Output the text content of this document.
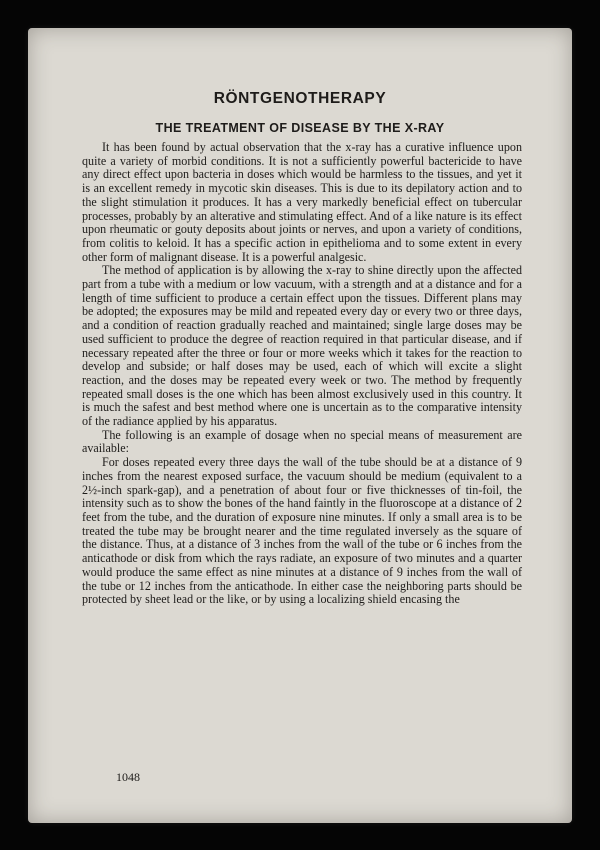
RÖNTGENOTHERAPY
THE TREATMENT OF DISEASE BY THE X-RAY

It has been found by actual observation that the x-ray has a curative influence upon quite a variety of morbid conditions. It is not a sufficiently powerful bactericide to have any direct effect upon bacteria in doses which would be harmless to the tissues, and yet it is an excellent remedy in mycotic skin diseases. This is due to its depilatory action and to the slight stimulation it produces. It has a very markedly beneficial effect on tubercular processes, probably by an alterative and stimulating effect. And of a like nature is its effect upon rheumatic or gouty deposits about joints or nerves, and upon a variety of conditions, from colitis to keloid. It has a specific action in epithelioma and to some extent in every other form of malignant disease. It is a powerful analgesic.

The method of application is by allowing the x-ray to shine directly upon the affected part from a tube with a medium or low vacuum, with a strength and at a distance and for a length of time sufficient to produce a certain effect upon the tissues. Different plans may be adopted; the exposures may be mild and repeated every day or every two or three days, and a condition of reaction gradually reached and maintained; single large doses may be used sufficient to produce the degree of reaction required in that particular disease, and if necessary repeated after the three or four or more weeks which it takes for the reaction to develop and subside; or half doses may be used, each of which will excite a slight reaction, and the doses may be repeated every week or two. The method by frequently repeated small doses is the one which has been almost exclusively used in this country. It is much the safest and best method where one is uncertain as to the comparative intensity of the radiance applied by his apparatus.

The following is an example of dosage when no special means of measurement are available:

For doses repeated every three days the wall of the tube should be at a distance of 9 inches from the nearest exposed surface, the vacuum should be medium (equivalent to a 2½-inch spark-gap), and a penetration of about four or five thicknesses of tin-foil, the intensity such as to show the bones of the hand faintly in the fluoroscope at a distance of 2 feet from the tube, and the duration of exposure nine minutes. If only a small area is to be treated the tube may be brought nearer and the time regulated inversely as the square of the distance. Thus, at a distance of 3 inches from the wall of the tube or 6 inches from the anticathode or disk from which the rays radiate, an exposure of two minutes and a quarter would produce the same effect as nine minutes at a distance of 9 inches from the wall of the tube or 12 inches from the anticathode. In either case the neighboring parts should be protected by sheet lead or the like, or by using a localizing shield encasing the

1048
